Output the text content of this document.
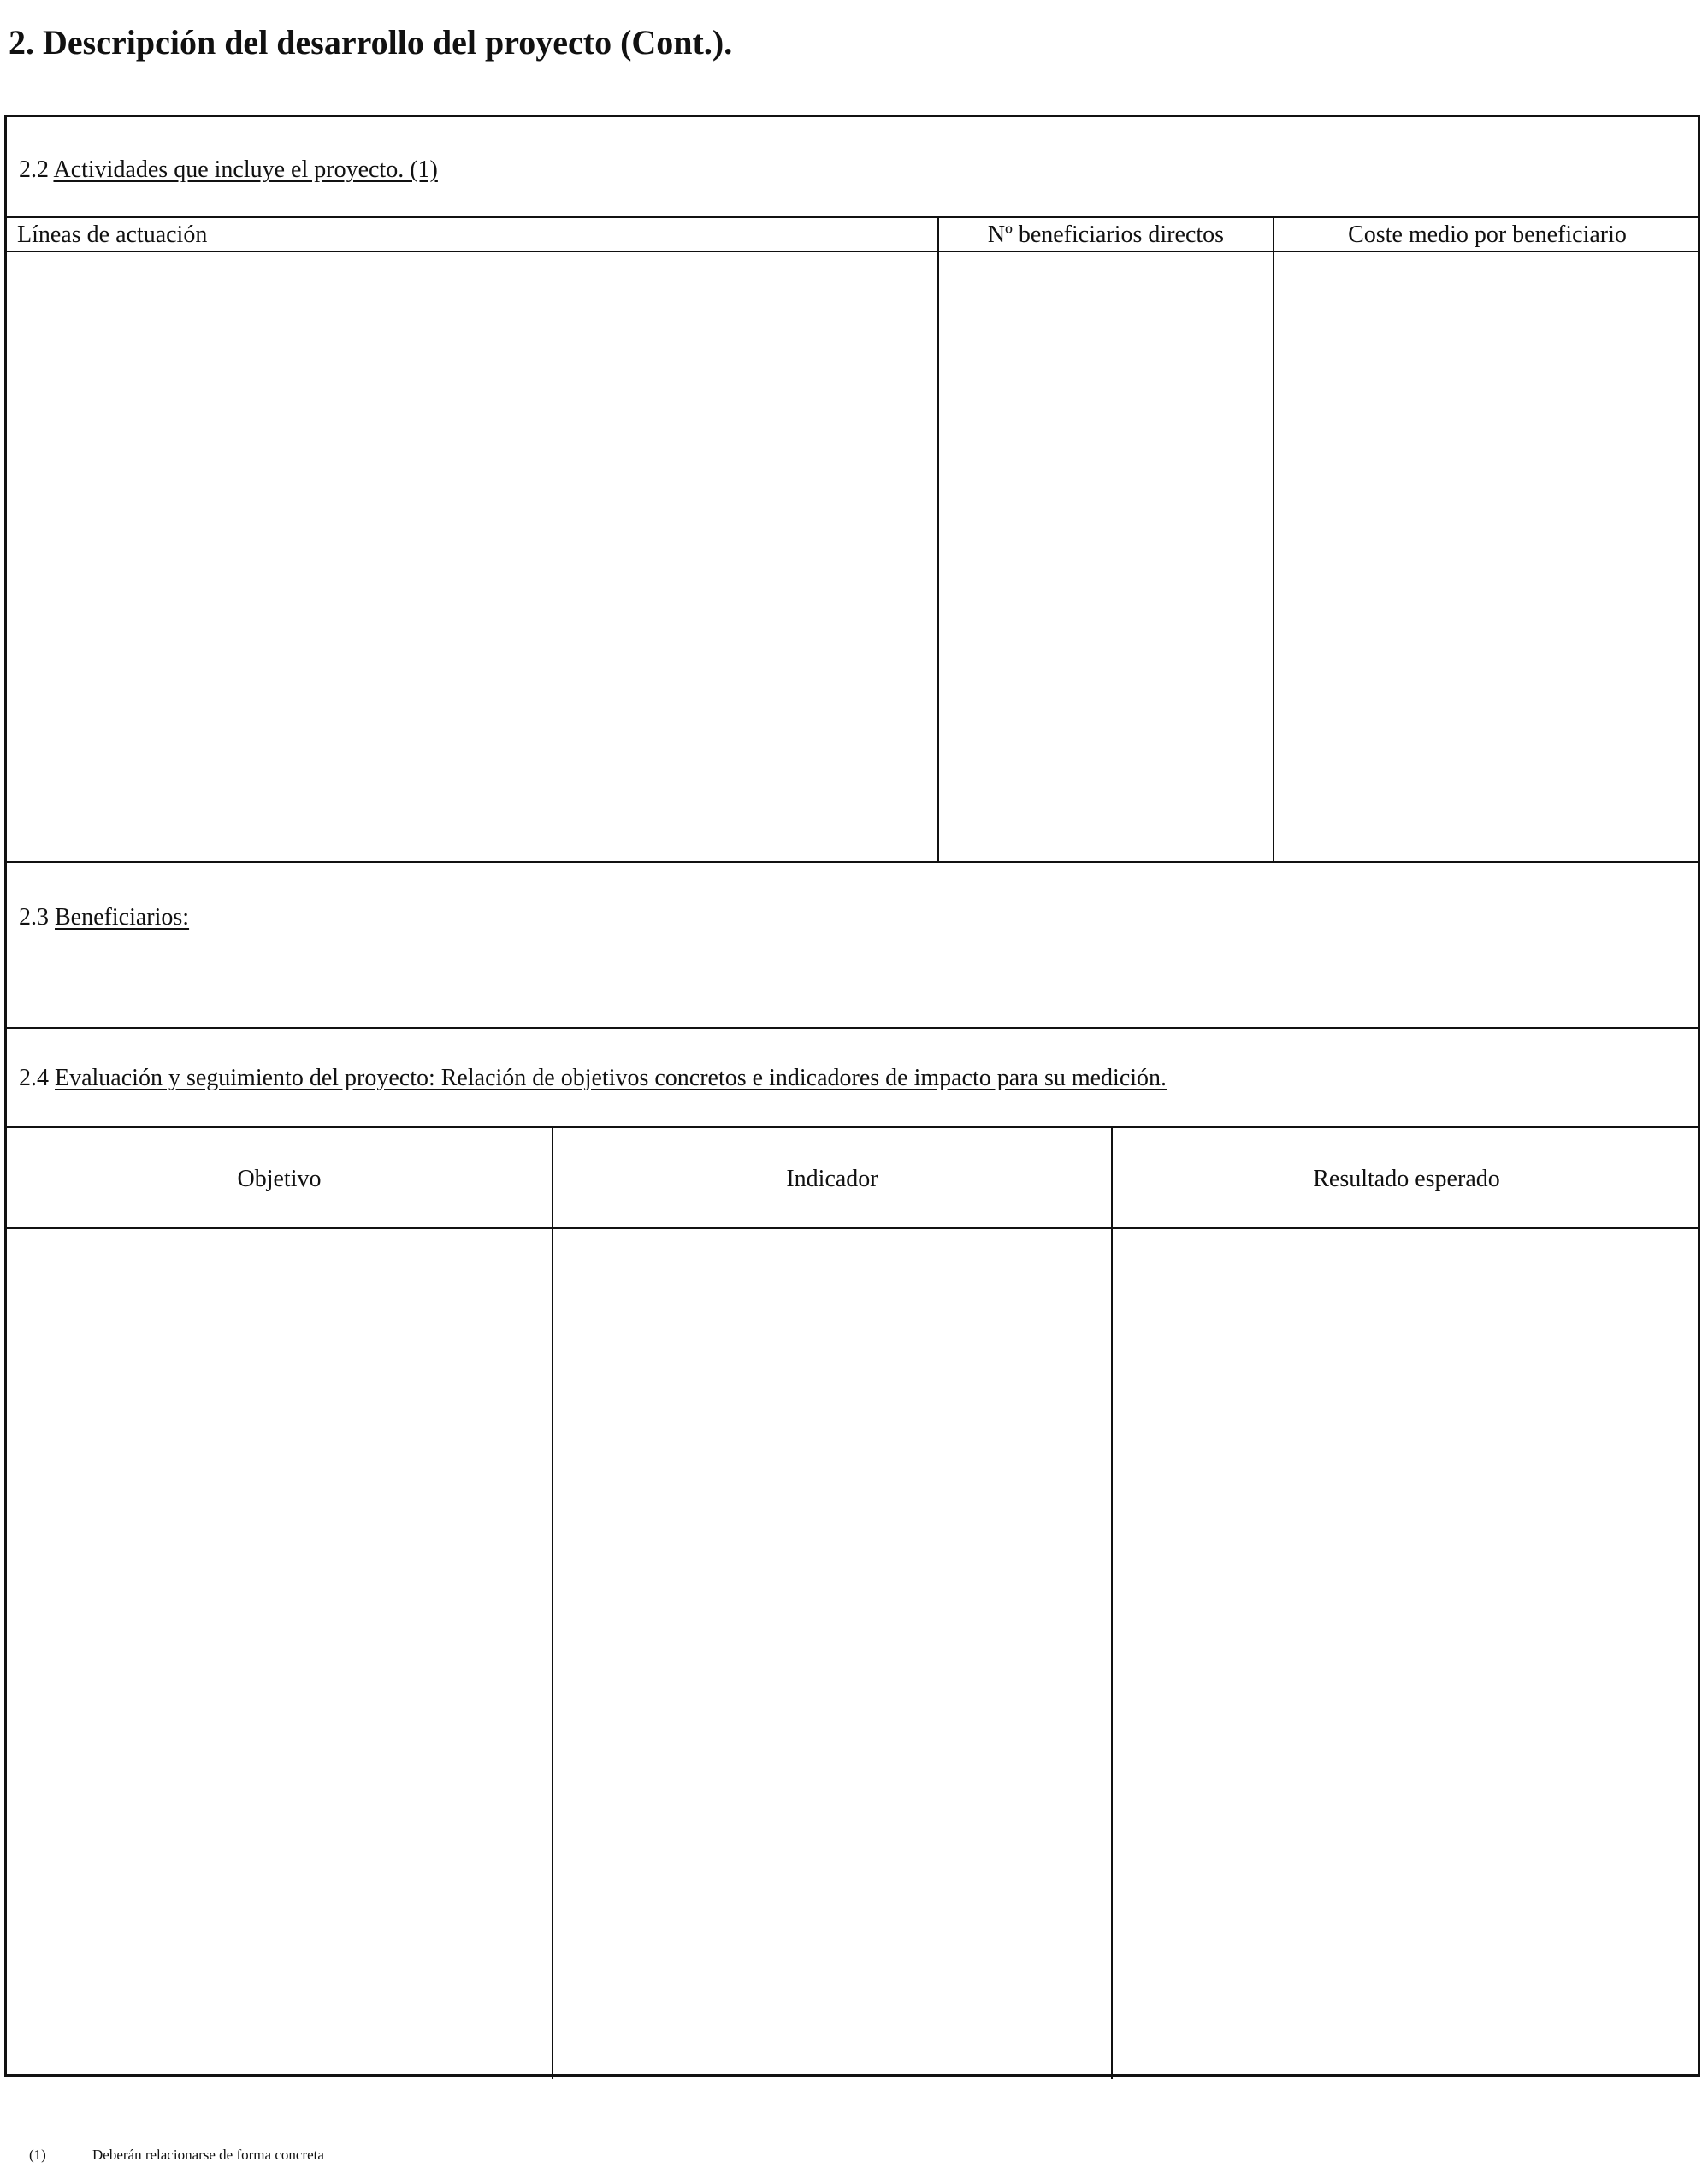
2. Descripción del desarrollo del proyecto (Cont.).
2.2 Actividades que incluye el proyecto. (1)
Líneas de actuación	Nº beneficiarios directos	Coste medio por beneficiario
2.3 Beneficiarios:
2.4 Evaluación y seguimiento del proyecto: Relación de objetivos concretos e indicadores de impacto para su medición.
Objetivo	Indicador	Resultado esperado
(1)	Deberán relacionarse de forma concreta
